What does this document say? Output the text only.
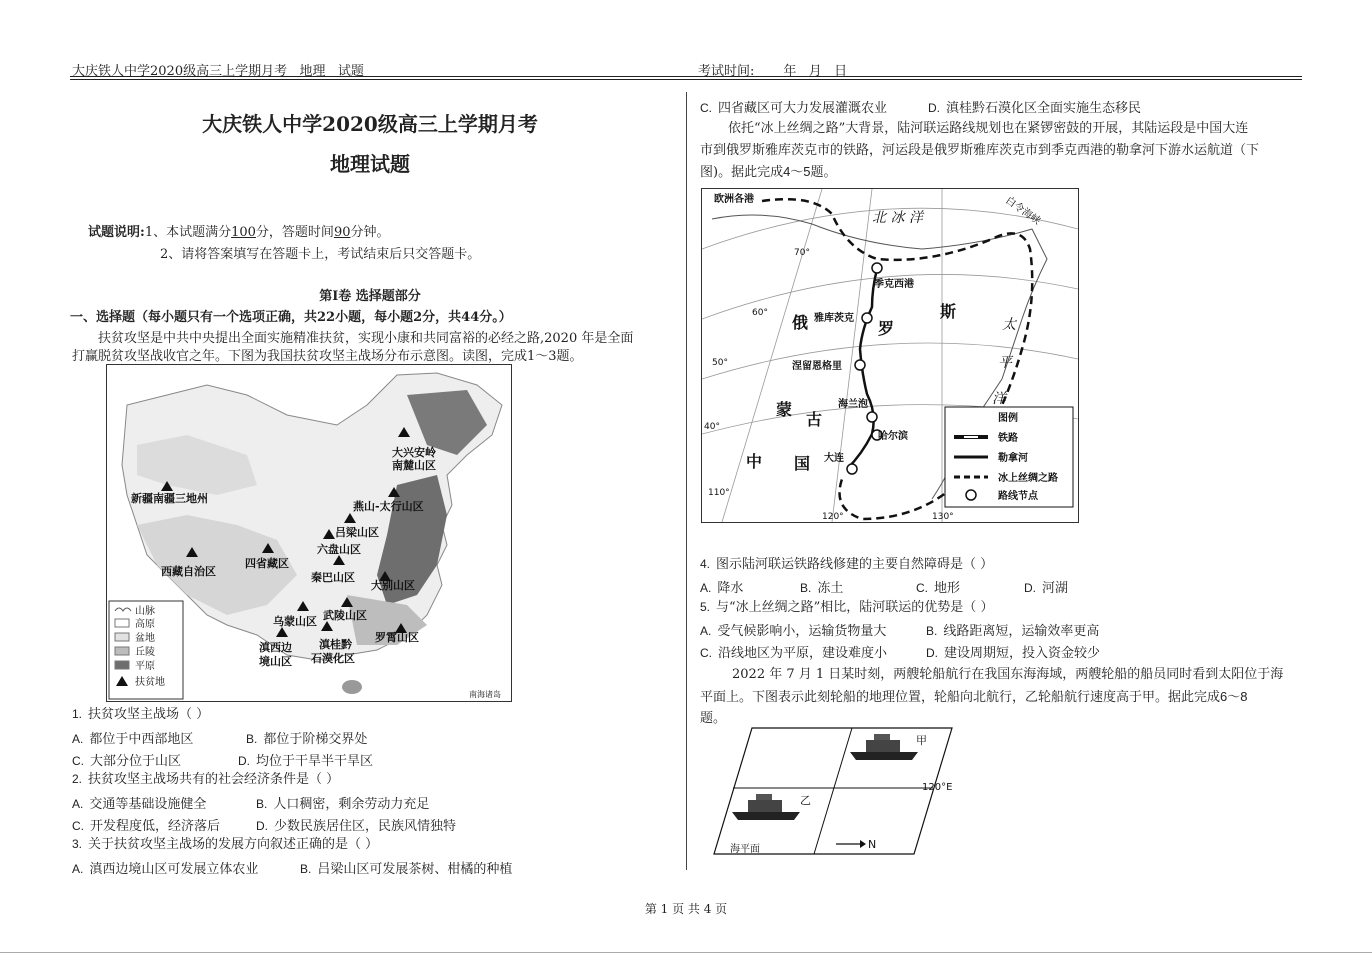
大庆铁人中学2020级高三上学期月考 地理 试题	考试时间: 年 月 日
大庆铁人中学2020级高三上学期月考
地理试题
试题说明:1、本试题满分100分，答题时间90分钟。
2、请将答案填写在答题卡上，考试结束后只交答题卡。
第Ⅰ卷 选择题部分
一、选择题（每小题只有一个选项正确，共22小题，每小题2分，共44分。）
扶贫攻坚是中共中央提出全面实施精准扶贫，实现小康和共同富裕的必经之路,2020 年是全面
打赢脱贫攻坚战收官之年。下图为我国扶贫攻坚主战场分布示意图。读图，完成1～3题。
新疆南疆三地州
大兴安岭
南麓山区
燕山-太行山区
吕梁山区
六盘山区
四省藏区
西藏自治区	秦巴山区
大别山区
乌蒙山区 武陵山区
罗霄山区
滇西边
境山区
滇桂黔
石漠化区
南海诸岛
山脉
高原
盆地
丘陵
平原
扶贫地
1. 扶贫攻坚主战场（ ）
A. 都位于中西部地区	B. 都位于阶梯交界处
C. 大部分位于山区	D. 均位于干旱半干旱区
2. 扶贫攻坚主战场共有的社会经济条件是（ ）
A. 交通等基础设施健全	B. 人口稠密，剩余劳动力充足
C. 开发程度低，经济落后	D. 少数民族居住区，民族风情独特
3. 关于扶贫攻坚主战场的发展方向叙述正确的是（ ）
A. 滇西边境山区可发展立体农业	B. 吕梁山区可发展茶树、柑橘的种植
C. 四省藏区可大力发展灌溉农业	D. 滇桂黔石漠化区全面实施生态移民
依托“冰上丝绸之路”大背景，陆河联运路线规划也在紧锣密鼓的开展，其陆运段是中国大连
市到俄罗斯雅库茨克市的铁路，河运段是俄罗斯雅库茨克市到季克西港的勒拿河下游水运航道（下
图)。据此完成4～5题。
欧洲各港
季克西港
雅库茨克
涅留恩格里
海兰泡
哈尔滨
大连
北 冰 洋	白令海峡
俄	罗
斯
蒙
古
中 国
太
平
洋
70°
60°
50°
40°
110°
120°	130°
图例
铁路
勒拿河
冰上丝绸之路
路线节点
4. 图示陆河联运铁路线修建的主要自然障碍是（ ）
A. 降水	B. 冻土	C. 地形	D. 河湖
5. 与“冰上丝绸之路”相比，陆河联运的优势是（ ）
A. 受气候影响小，运输货物量大	B. 线路距离短，运输效率更高
C. 沿线地区为平原，建设难度小	D. 建设周期短，投入资金较少
2022 年 7 月 1 日某时刻，两艘轮船航行在我国东海海域，两艘轮船的船员同时看到太阳位于海
平面上。下图表示此刻轮船的地理位置，轮船向北航行，乙轮船航行速度高于甲。据此完成6～8
题。
甲
乙
120°E
海平面	N
第 1 页 共 4 页
